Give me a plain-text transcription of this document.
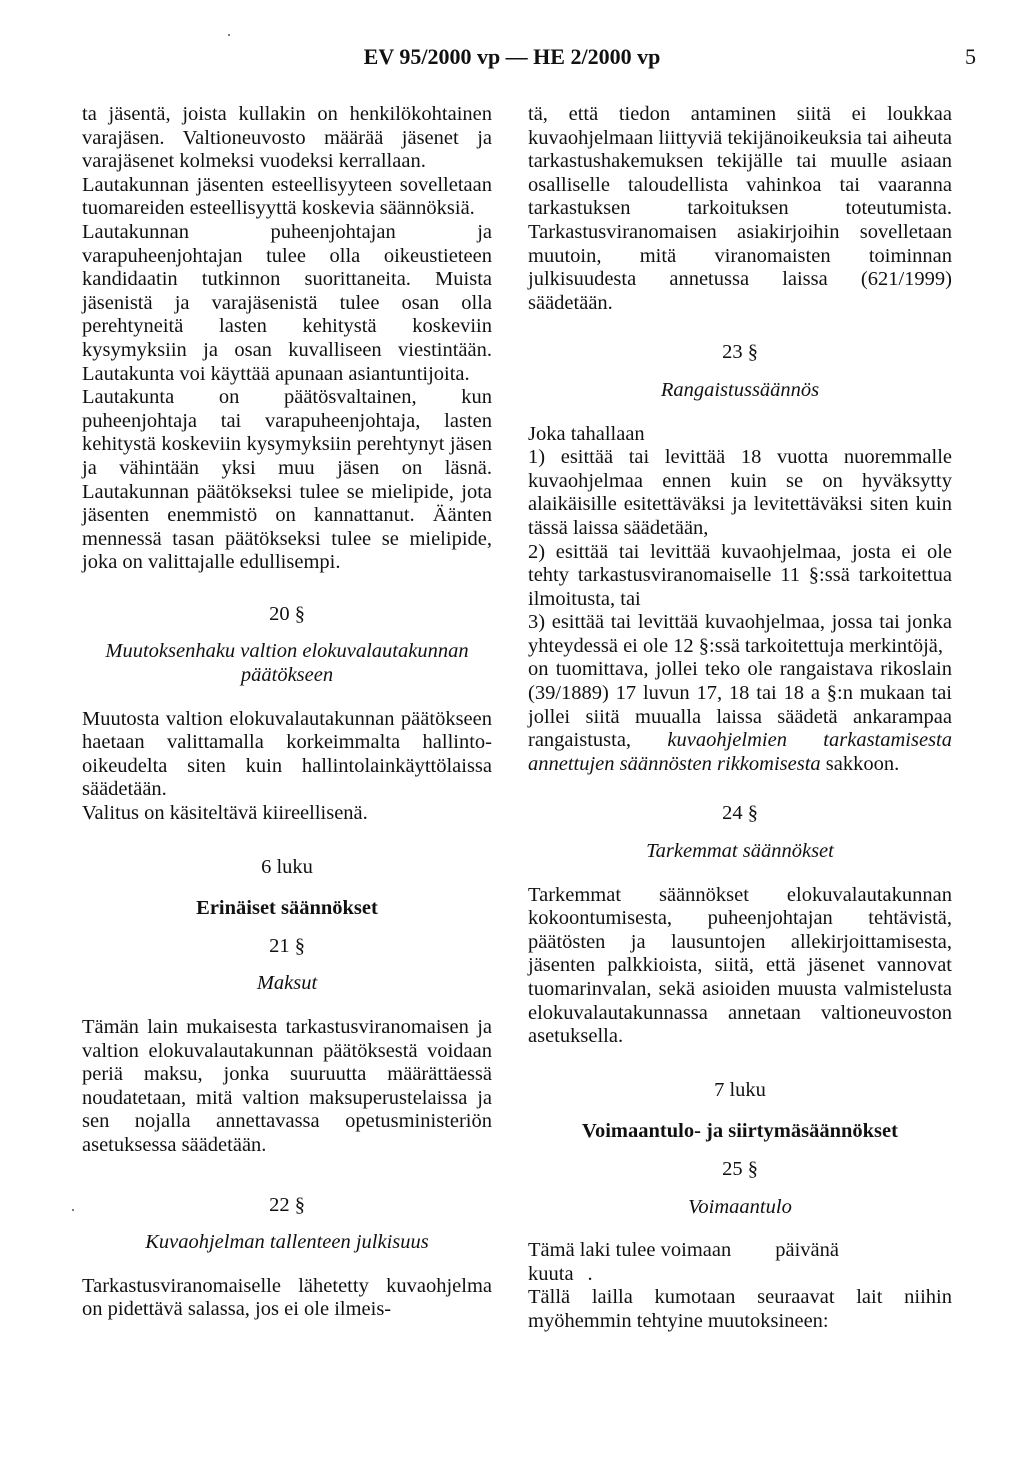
EV 95/2000 vp — HE 2/2000 vp	5

ta jäsentä, joista kullakin on henkilökohtainen varajäsen. Valtioneuvosto määrää jäsenet ja varajäsenet kolmeksi vuodeksi kerrallaan.

Lautakunnan jäsenten esteellisyyteen sovelletaan tuomareiden esteellisyyttä koskevia säännöksiä.

Lautakunnan puheenjohtajan ja varapuheenjohtajan tulee olla oikeustieteen kandidaatin tutkinnon suorittaneita. Muista jäsenistä ja varajäsenistä tulee osan olla perehtyneitä lasten kehitystä koskeviin kysymyksiin ja osan kuvalliseen viestintään. Lautakunta voi käyttää apunaan asiantuntijoita.

Lautakunta on päätösvaltainen, kun puheenjohtaja tai varapuheenjohtaja, lasten kehitystä koskeviin kysymyksiin perehtynyt jäsen ja vähintään yksi muu jäsen on läsnä. Lautakunnan päätökseksi tulee se mielipide, jota jäsenten enemmistö on kannattanut. Äänten mennessä tasan päätökseksi tulee se mielipide, joka on valittajalle edullisempi.

20 §
Muutoksenhaku valtion elokuvalautakunnan päätökseen

Muutosta valtion elokuvalautakunnan päätökseen haetaan valittamalla korkeimmalta hallinto-oikeudelta siten kuin hallintolainkäyttölaissa säädetään.

Valitus on käsiteltävä kiireellisenä.

6 luku
Erinäiset säännökset
21 §
Maksut

Tämän lain mukaisesta tarkastusviranomaisen ja valtion elokuvalautakunnan päätöksestä voidaan periä maksu, jonka suuruutta määrättäessä noudatetaan, mitä valtion maksuperustelaissa ja sen nojalla annettavassa opetusministeriön asetuksessa säädetään.

22 §
Kuvaohjelman tallenteen julkisuus

Tarkastusviranomaiselle lähetetty kuvaohjelma on pidettävä salassa, jos ei ole ilmeis-

tä, että tiedon antaminen siitä ei loukkaa kuvaohjelmaan liittyviä tekijänoikeuksia tai aiheuta tarkastushakemuksen tekijälle tai muulle asiaan osalliselle taloudellista vahinkoa tai vaaranna tarkastuksen tarkoituksen toteutumista. Tarkastusviranomaisen asiakirjoihin sovelletaan muutoin, mitä viranomaisten toiminnan julkisuudesta annetussa laissa (621/1999) säädetään.

23 §
Rangaistussäännös

Joka tahallaan

1) esittää tai levittää 18 vuotta nuoremmalle kuvaohjelmaa ennen kuin se on hyväksytty alaikäisille esitettäväksi ja levitettäväksi siten kuin tässä laissa säädetään,

2) esittää tai levittää kuvaohjelmaa, josta ei ole tehty tarkastusviranomaiselle 11 §:ssä tarkoitettua ilmoitusta, tai

3) esittää tai levittää kuvaohjelmaa, jossa tai jonka yhteydessä ei ole 12 §:ssä tarkoitettuja merkintöjä,

on tuomittava, jollei teko ole rangaistava rikoslain (39/1889) 17 luvun 17, 18 tai 18 a §:n mukaan tai jollei siitä muualla laissa säädetä ankarampaa rangaistusta, kuvaohjelmien tarkastamisesta annettujen säännösten rikkomisesta sakkoon.

24 §
Tarkemmat säännökset

Tarkemmat säännökset elokuvalautakunnan kokoontumisesta, puheenjohtajan tehtävistä, päätösten ja lausuntojen allekirjoittamisesta, jäsenten palkkioista, siitä, että jäsenet vannovat tuomarinvalan, sekä asioiden muusta valmistelusta elokuvalautakunnassa annetaan valtioneuvoston asetuksella.

7 luku
Voimaantulo- ja siirtymäsäännökset
25 §
Voimaantulo

Tämä laki tulee voimaan päivänä
kuuta .

Tällä lailla kumotaan seuraavat lait niihin myöhemmin tehtyine muutoksineen:
